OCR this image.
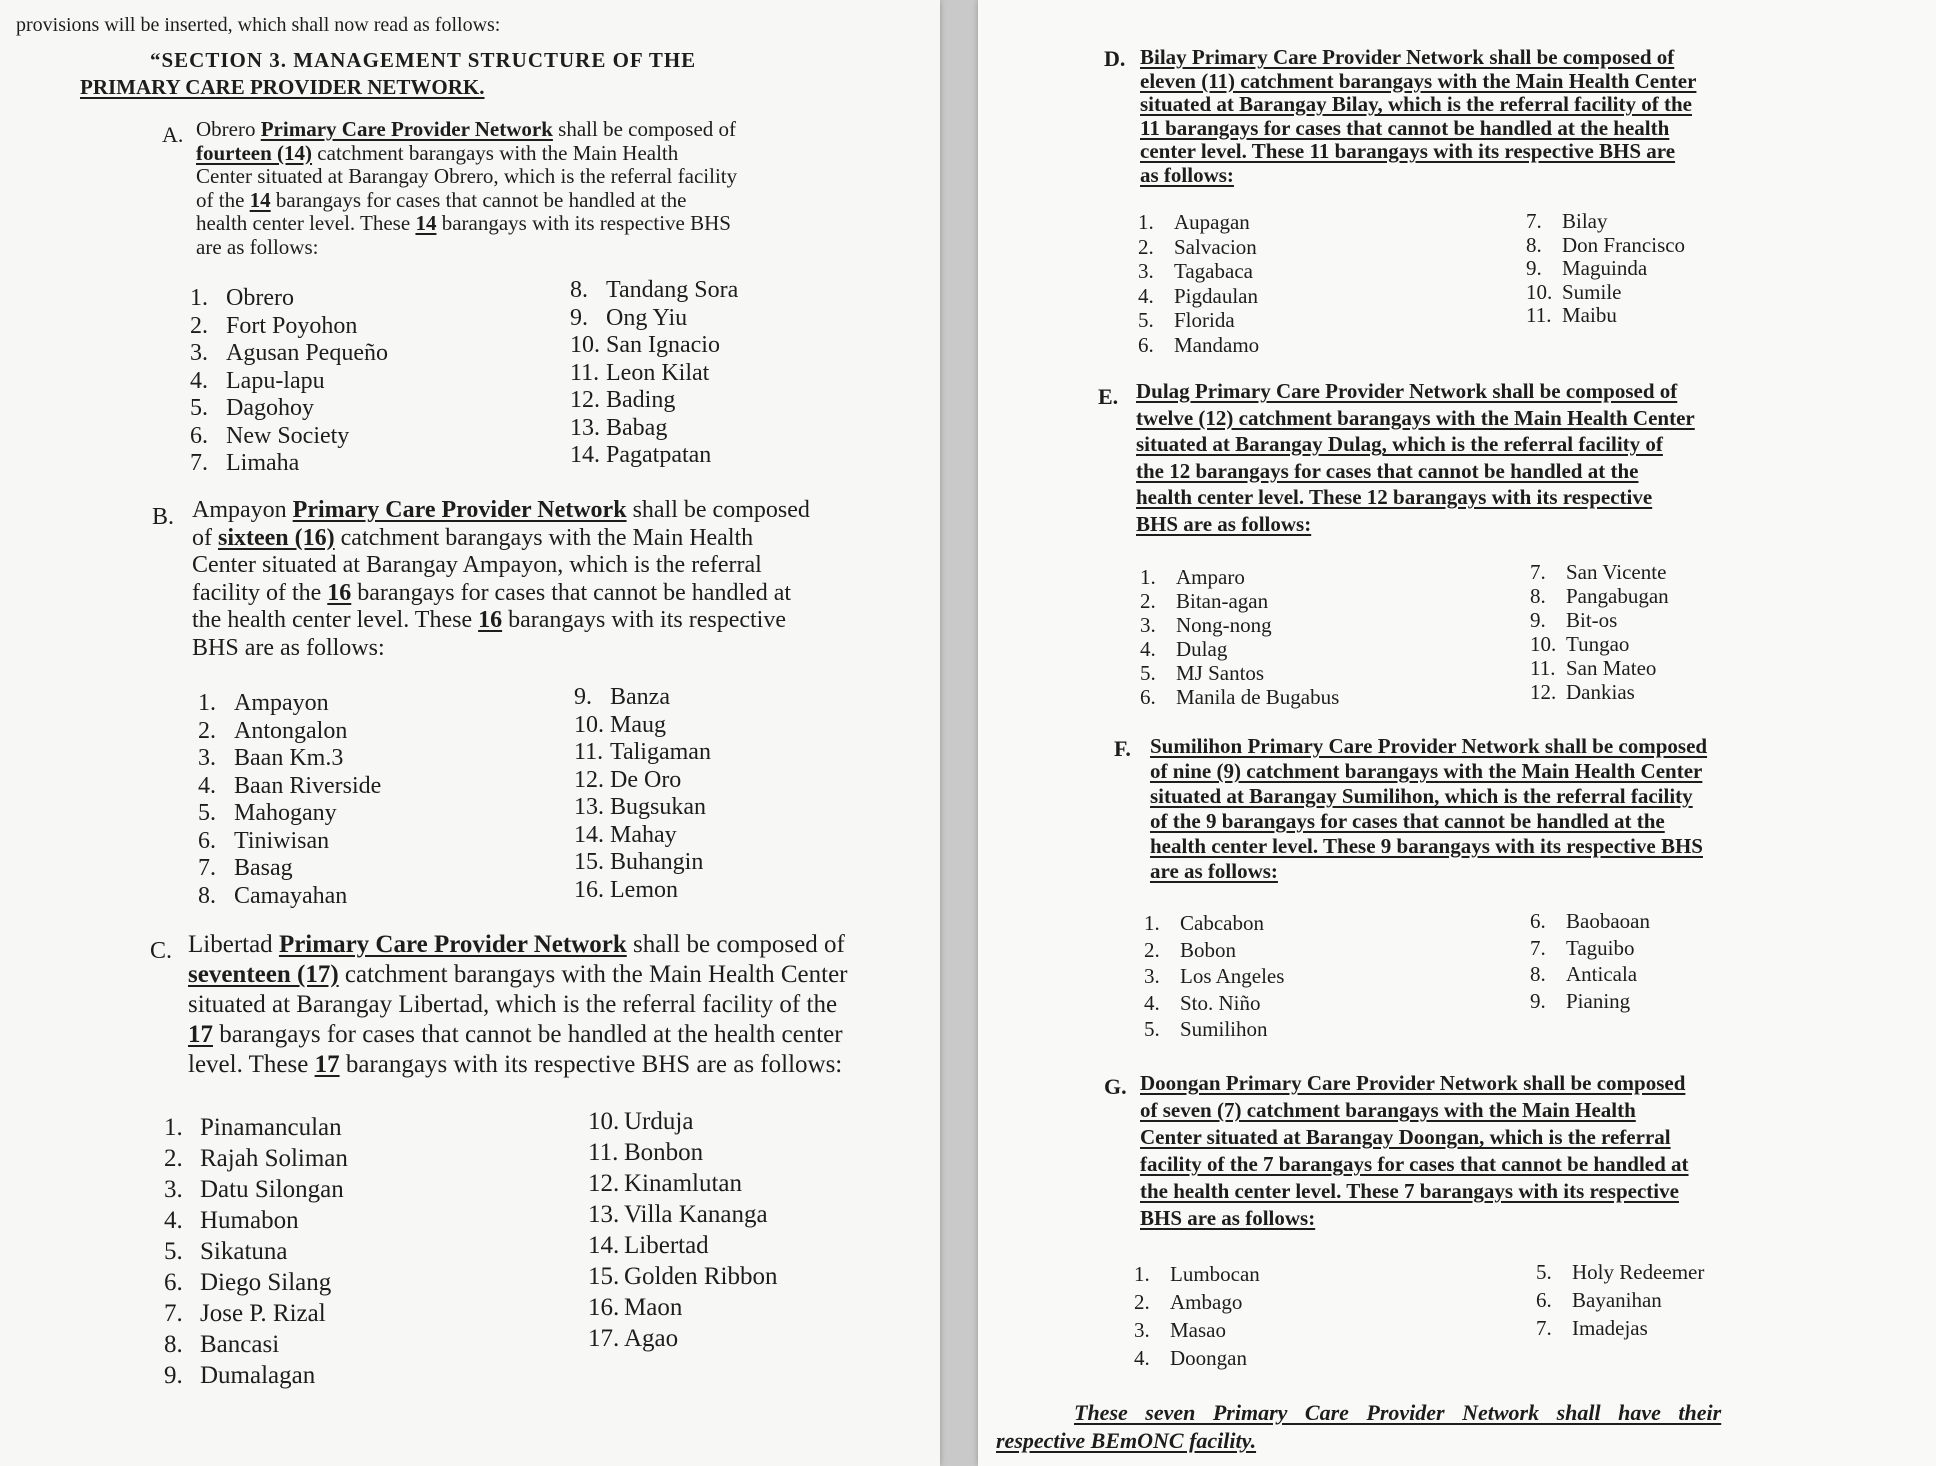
provisions will be inserted, which shall now read as follows:
“SECTION 3. MANAGEMENT STRUCTURE OF THE
PRIMARY CARE PROVIDER NETWORK.
A. Obrero Primary Care Provider Network shall be composed of
fourteen (14) catchment barangays with the Main Health
Center situated at Barangay Obrero, which is the referral facility
of the 14 barangays for cases that cannot be handled at the
health center level. These 14 barangays with its respective BHS
are as follows:
1. Obrero
2. Fort Poyohon
3. Agusan Pequeño
4. Lapu-lapu
5. Dagohoy
6. New Society
7. Limaha
8. Tandang Sora
9. Ong Yiu
10. San Ignacio
11. Leon Kilat
12. Bading
13. Babag
14. Pagatpatan
B. Ampayon Primary Care Provider Network shall be composed
of sixteen (16) catchment barangays with the Main Health
Center situated at Barangay Ampayon, which is the referral
facility of the 16 barangays for cases that cannot be handled at
the health center level. These 16 barangays with its respective
BHS are as follows:
1. Ampayon
2. Antongalon
3. Baan Km.3
4. Baan Riverside
5. Mahogany
6. Tiniwisan
7. Basag
8. Camayahan
9. Banza
10. Maug
11. Taligaman
12. De Oro
13. Bugsukan
14. Mahay
15. Buhangin
16. Lemon
C. Libertad Primary Care Provider Network shall be composed of
seventeen (17) catchment barangays with the Main Health Center
situated at Barangay Libertad, which is the referral facility of the
17 barangays for cases that cannot be handled at the health center
level. These 17 barangays with its respective BHS are as follows:
1. Pinamanculan
2. Rajah Soliman
3. Datu Silongan
4. Humabon
5. Sikatuna
6. Diego Silang
7. Jose P. Rizal
8. Bancasi
9. Dumalagan
10. Urduja
11. Bonbon
12. Kinamlutan
13. Villa Kananga
14. Libertad
15. Golden Ribbon
16. Maon
17. Agao
D. Bilay Primary Care Provider Network shall be composed of
eleven (11) catchment barangays with the Main Health Center
situated at Barangay Bilay, which is the referral facility of the
11 barangays for cases that cannot be handled at the health
center level. These 11 barangays with its respective BHS are
as follows:
1. Aupagan
2. Salvacion
3. Tagabaca
4. Pigdaulan
5. Florida
6. Mandamo
7. Bilay
8. Don Francisco
9. Maguinda
10. Sumile
11. Maibu
E. Dulag Primary Care Provider Network shall be composed of
twelve (12) catchment barangays with the Main Health Center
situated at Barangay Dulag, which is the referral facility of
the 12 barangays for cases that cannot be handled at the
health center level. These 12 barangays with its respective
BHS are as follows:
1. Amparo
2. Bitan-agan
3. Nong-nong
4. Dulag
5. MJ Santos
6. Manila de Bugabus
7. San Vicente
8. Pangabugan
9. Bit-os
10. Tungao
11. San Mateo
12. Dankias
F. Sumilihon Primary Care Provider Network shall be composed
of nine (9) catchment barangays with the Main Health Center
situated at Barangay Sumilihon, which is the referral facility
of the 9 barangays for cases that cannot be handled at the
health center level. These 9 barangays with its respective BHS
are as follows:
1. Cabcabon
2. Bobon
3. Los Angeles
4. Sto. Niño
5. Sumilihon
6. Baobaoan
7. Taguibo
8. Anticala
9. Pianing
G. Doongan Primary Care Provider Network shall be composed
of seven (7) catchment barangays with the Main Health
Center situated at Barangay Doongan, which is the referral
facility of the 7 barangays for cases that cannot be handled at
the health center level. These 7 barangays with its respective
BHS are as follows:
1. Lumbocan
2. Ambago
3. Masao
4. Doongan
5. Holy Redeemer
6. Bayanihan
7. Imadejas
These seven Primary Care Provider Network shall have their
respective BEmONC facility.
